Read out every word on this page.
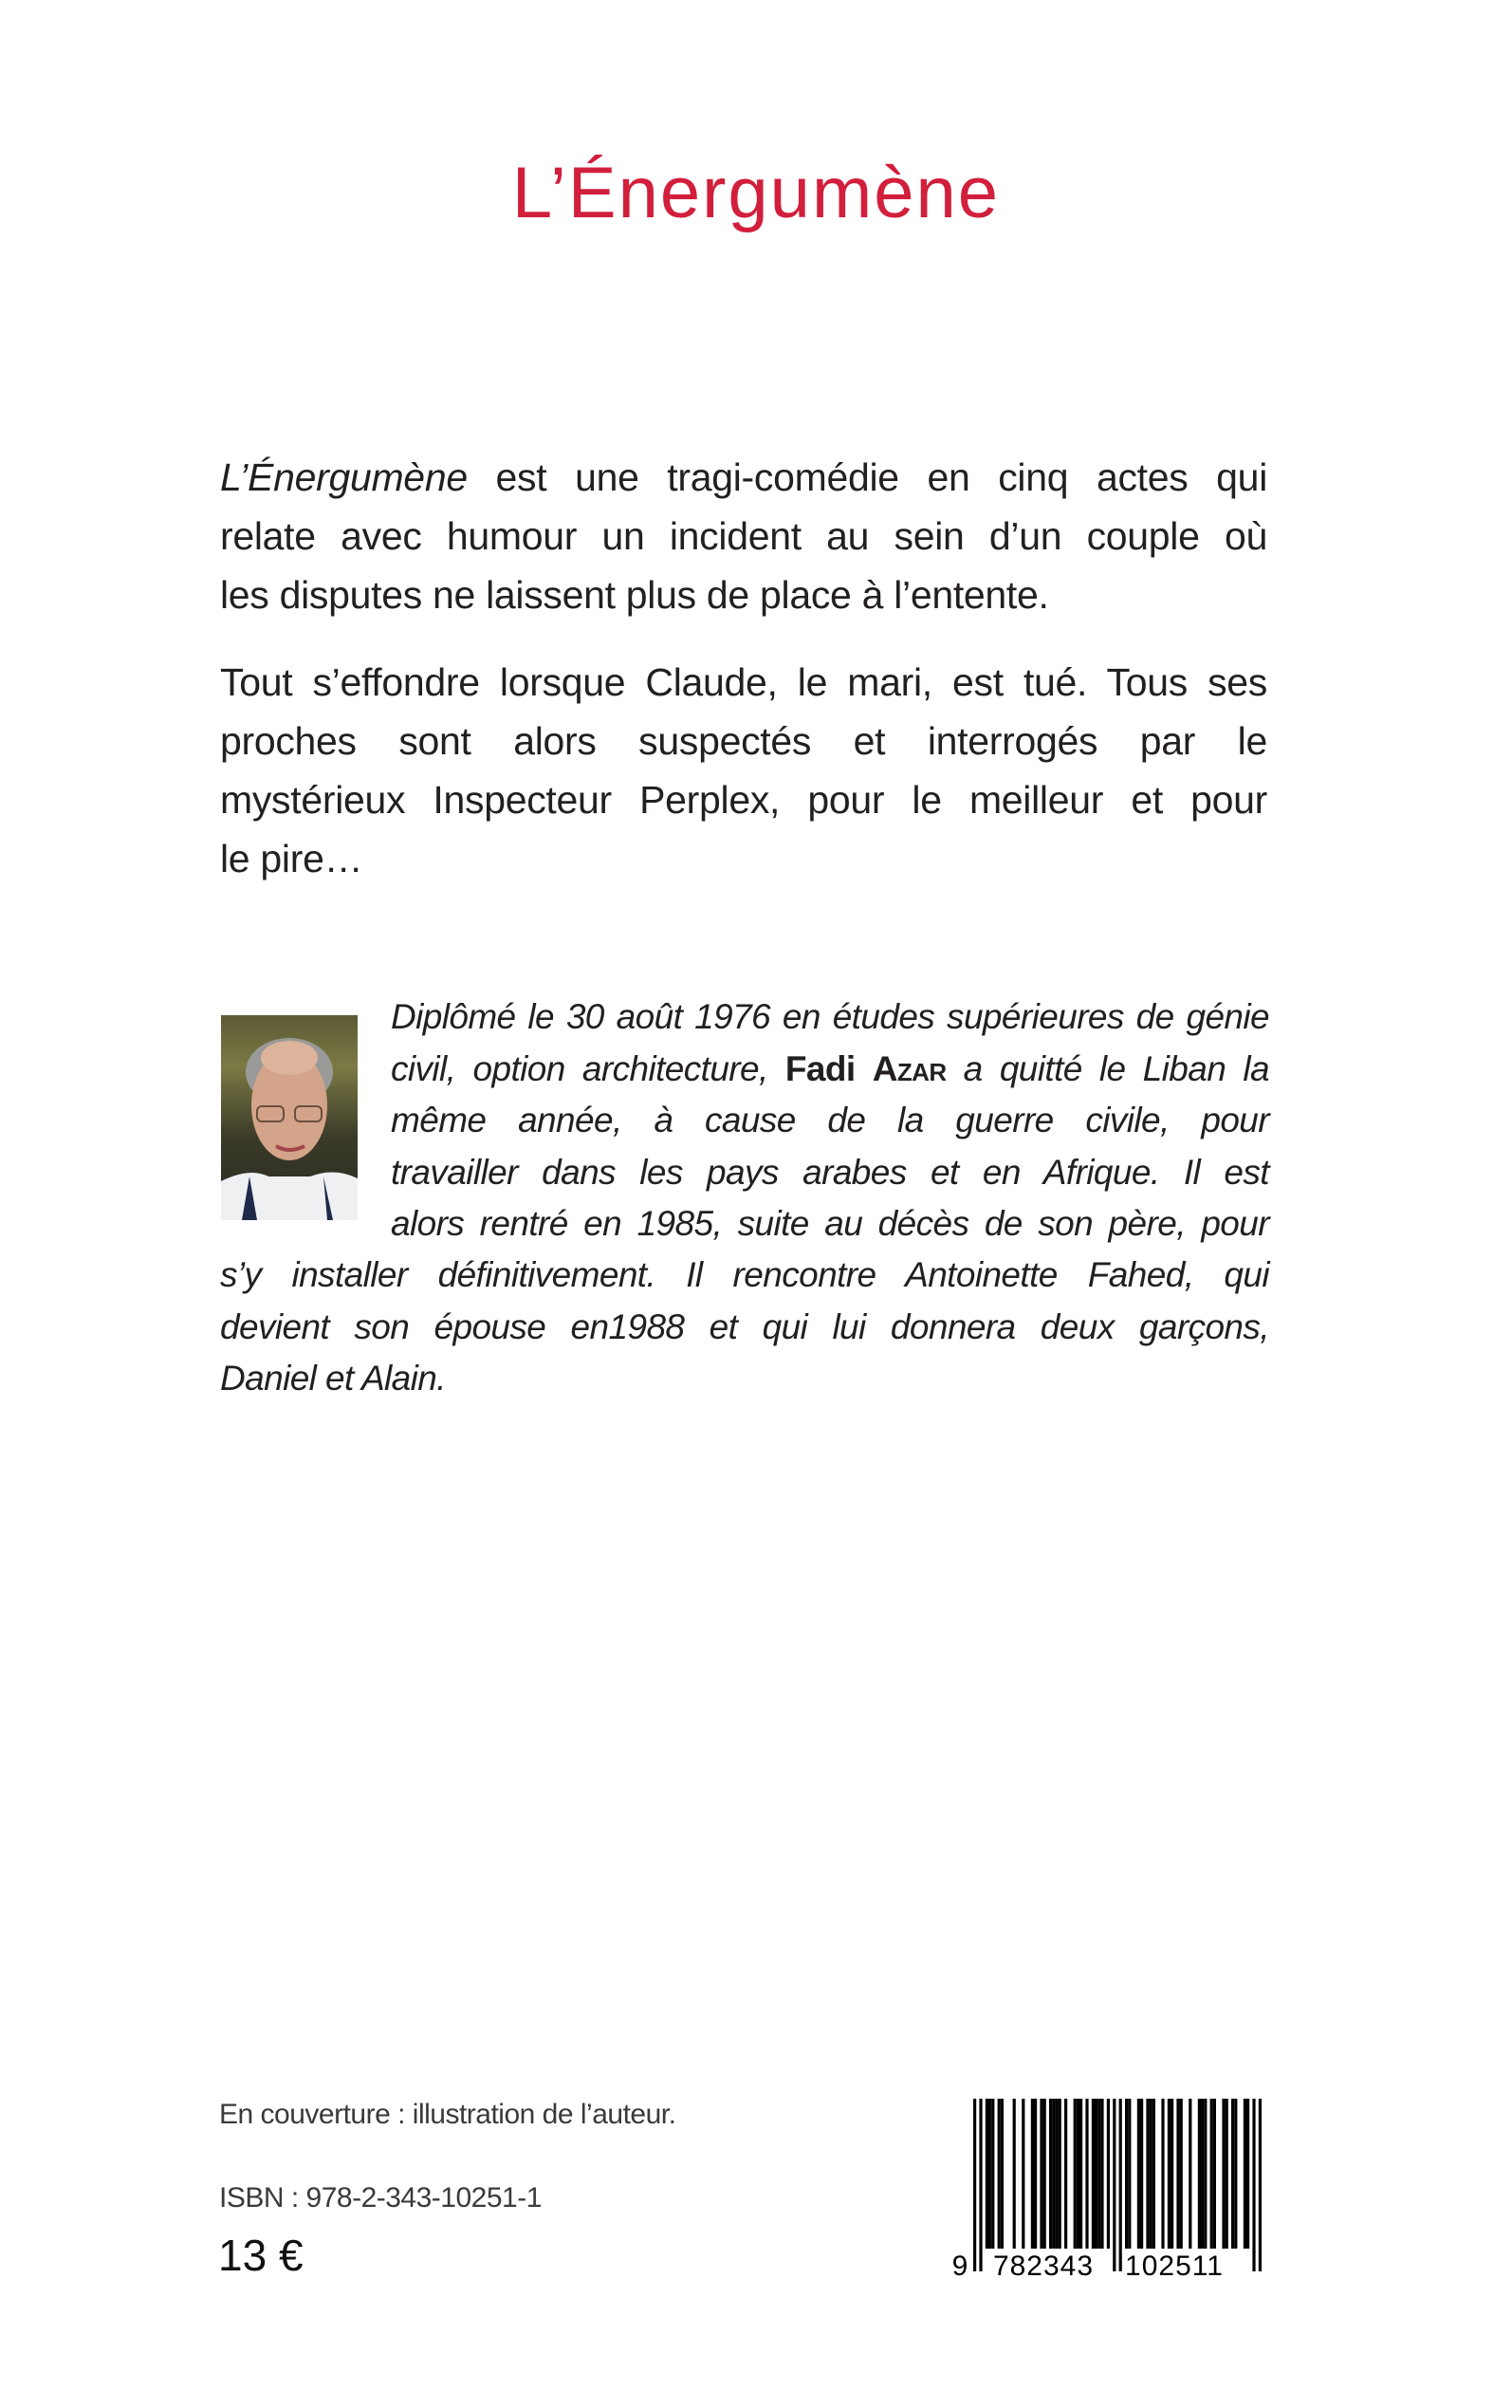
L’Énergumène
L’Énergumène est une tragi-comédie en cinq actes qui
relate avec humour un incident au sein d’un couple où
les disputes ne laissent plus de place à l’entente.
Tout s’effondre lorsque Claude, le mari, est tué. Tous ses
proches sont alors suspectés et interrogés par le
mystérieux Inspecteur Perplex, pour le meilleur et pour
le pire…
Diplômé le 30 août 1976 en études supérieures de génie
civil, option architecture, Fadi Azar a quitté le Liban la
même année, à cause de la guerre civile, pour
travailler dans les pays arabes et en Afrique. Il est
alors rentré en 1985, suite au décès de son père, pour
s’y installer définitivement. Il rencontre Antoinette Fahed, qui
devient son épouse en1988 et qui lui donnera deux garçons,
Daniel et Alain.
En couverture : illustration de l’auteur.
ISBN : 978-2-343-10251-1
13 €	9 782343 102511
